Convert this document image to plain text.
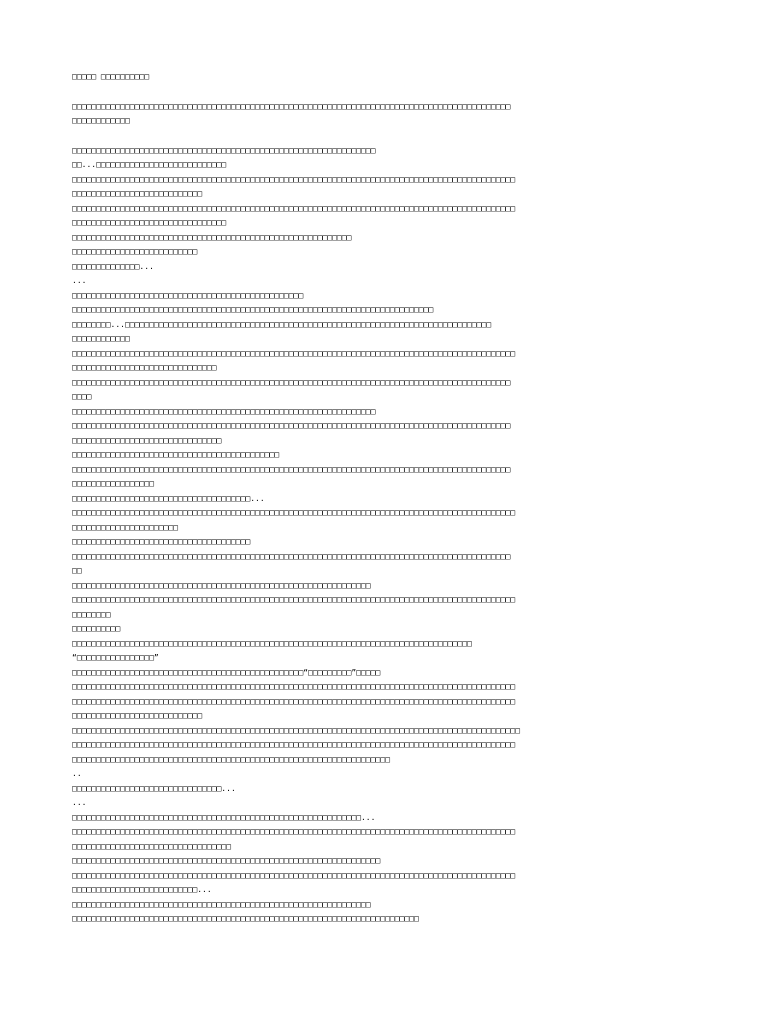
□□□□□ □□□□□□□□□□
□□□□□□□□□□□□□□□□□□□□□□□□□□□□□□□□□□□□□□□□□□□□□□□□□□□□□□□□□□□□□□□□□□□□□□□□□□□□□□□□□□□□□□□□□□□
□□□□□□□□□□□□
□□□□□□□□□□□□□□□□□□□□□□□□□□□□□□□□□□□□□□□□□□□□□□□□□□□□□□□□□□□□□□□
□□...□□□□□□□□□□□□□□□□□□□□□□□□□□□
□□□□□□□□□□□□□□□□□□□□□□□□□□□□□□□□□□□□□□□□□□□□□□□□□□□□□□□□□□□□□□□□□□□□□□□□□□□□□□□□□□□□□□□□□□□□
□□□□□□□□□□□□□□□□□□□□□□□□□□□
□□□□□□□□□□□□□□□□□□□□□□□□□□□□□□□□□□□□□□□□□□□□□□□□□□□□□□□□□□□□□□□□□□□□□□□□□□□□□□□□□□□□□□□□□□□□
□□□□□□□□□□□□□□□□□□□□□□□□□□□□□□□□
□□□□□□□□□□□□□□□□□□□□□□□□□□□□□□□□□□□□□□□□□□□□□□□□□□□□□□□□□□
□□□□□□□□□□□□□□□□□□□□□□□□□□
□□□□□□□□□□□□□□...
...
□□□□□□□□□□□□□□□□□□□□□□□□□□□□□□□□□□□□□□□□□□□□□□□□
□□□□□□□□□□□□□□□□□□□□□□□□□□□□□□□□□□□□□□□□□□□□□□□□□□□□□□□□□□□□□□□□□□□□□□□□□□□
□□□□□□□□...□□□□□□□□□□□□□□□□□□□□□□□□□□□□□□□□□□□□□□□□□□□□□□□□□□□□□□□□□□□□□□□□□□□□□□□□□□□□
□□□□□□□□□□□□
□□□□□□□□□□□□□□□□□□□□□□□□□□□□□□□□□□□□□□□□□□□□□□□□□□□□□□□□□□□□□□□□□□□□□□□□□□□□□□□□□□□□□□□□□□□□
□□□□□□□□□□□□□□□□□□□□□□□□□□□□□□
□□□□□□□□□□□□□□□□□□□□□□□□□□□□□□□□□□□□□□□□□□□□□□□□□□□□□□□□□□□□□□□□□□□□□□□□□□□□□□□□□□□□□□□□□□□
□□□□
□□□□□□□□□□□□□□□□□□□□□□□□□□□□□□□□□□□□□□□□□□□□□□□□□□□□□□□□□□□□□□□
□□□□□□□□□□□□□□□□□□□□□□□□□□□□□□□□□□□□□□□□□□□□□□□□□□□□□□□□□□□□□□□□□□□□□□□□□□□□□□□□□□□□□□□□□□□
□□□□□□□□□□□□□□□□□□□□□□□□□□□□□□□
□□□□□□□□□□□□□□□□□□□□□□□□□□□□□□□□□□□□□□□□□□□
□□□□□□□□□□□□□□□□□□□□□□□□□□□□□□□□□□□□□□□□□□□□□□□□□□□□□□□□□□□□□□□□□□□□□□□□□□□□□□□□□□□□□□□□□□□
□□□□□□□□□□□□□□□□□
□□□□□□□□□□□□□□□□□□□□□□□□□□□□□□□□□□□□□...
□□□□□□□□□□□□□□□□□□□□□□□□□□□□□□□□□□□□□□□□□□□□□□□□□□□□□□□□□□□□□□□□□□□□□□□□□□□□□□□□□□□□□□□□□□□□
□□□□□□□□□□□□□□□□□□□□□□
□□□□□□□□□□□□□□□□□□□□□□□□□□□□□□□□□□□□□
□□□□□□□□□□□□□□□□□□□□□□□□□□□□□□□□□□□□□□□□□□□□□□□□□□□□□□□□□□□□□□□□□□□□□□□□□□□□□□□□□□□□□□□□□□□
□□
□□□□□□□□□□□□□□□□□□□□□□□□□□□□□□□□□□□□□□□□□□□□□□□□□□□□□□□□□□□□□□
□□□□□□□□□□□□□□□□□□□□□□□□□□□□□□□□□□□□□□□□□□□□□□□□□□□□□□□□□□□□□□□□□□□□□□□□□□□□□□□□□□□□□□□□□□□□
□□□□□□□□
□□□□□□□□□□
□□□□□□□□□□□□□□□□□□□□□□□□□□□□□□□□□□□□□□□□□□□□□□□□□□□□□□□□□□□□□□□□□□□□□□□□□□□□□□□□□□□
“□□□□□□□□□□□□□□□□”
□□□□□□□□□□□□□□□□□□□□□□□□□□□□□□□□□□□□□□□□□□□□□□□□“□□□□□□□□□”□□□□□
□□□□□□□□□□□□□□□□□□□□□□□□□□□□□□□□□□□□□□□□□□□□□□□□□□□□□□□□□□□□□□□□□□□□□□□□□□□□□□□□□□□□□□□□□□□□
□□□□□□□□□□□□□□□□□□□□□□□□□□□□□□□□□□□□□□□□□□□□□□□□□□□□□□□□□□□□□□□□□□□□□□□□□□□□□□□□□□□□□□□□□□□□
□□□□□□□□□□□□□□□□□□□□□□□□□□□
□□□□□□□□□□□□□□□□□□□□□□□□□□□□□□□□□□□□□□□□□□□□□□□□□□□□□□□□□□□□□□□□□□□□□□□□□□□□□□□□□□□□□□□□□□□□□
□□□□□□□□□□□□□□□□□□□□□□□□□□□□□□□□□□□□□□□□□□□□□□□□□□□□□□□□□□□□□□□□□□□□□□□□□□□□□□□□□□□□□□□□□□□□
□□□□□□□□□□□□□□□□□□□□□□□□□□□□□□□□□□□□□□□□□□□□□□□□□□□□□□□□□□□□□□□□□□
..
□□□□□□□□□□□□□□□□□□□□□□□□□□□□□□□...
...
□□□□□□□□□□□□□□□□□□□□□□□□□□□□□□□□□□□□□□□□□□□□□□□□□□□□□□□□□□□□...
□□□□□□□□□□□□□□□□□□□□□□□□□□□□□□□□□□□□□□□□□□□□□□□□□□□□□□□□□□□□□□□□□□□□□□□□□□□□□□□□□□□□□□□□□□□□
□□□□□□□□□□□□□□□□□□□□□□□□□□□□□□□□□
□□□□□□□□□□□□□□□□□□□□□□□□□□□□□□□□□□□□□□□□□□□□□□□□□□□□□□□□□□□□□□□□
□□□□□□□□□□□□□□□□□□□□□□□□□□□□□□□□□□□□□□□□□□□□□□□□□□□□□□□□□□□□□□□□□□□□□□□□□□□□□□□□□□□□□□□□□□□□
□□□□□□□□□□□□□□□□□□□□□□□□□□...
□□□□□□□□□□□□□□□□□□□□□□□□□□□□□□□□□□□□□□□□□□□□□□□□□□□□□□□□□□□□□□
□□□□□□□□□□□□□□□□□□□□□□□□□□□□□□□□□□□□□□□□□□□□□□□□□□□□□□□□□□□□□□□□□□□□□□□□
